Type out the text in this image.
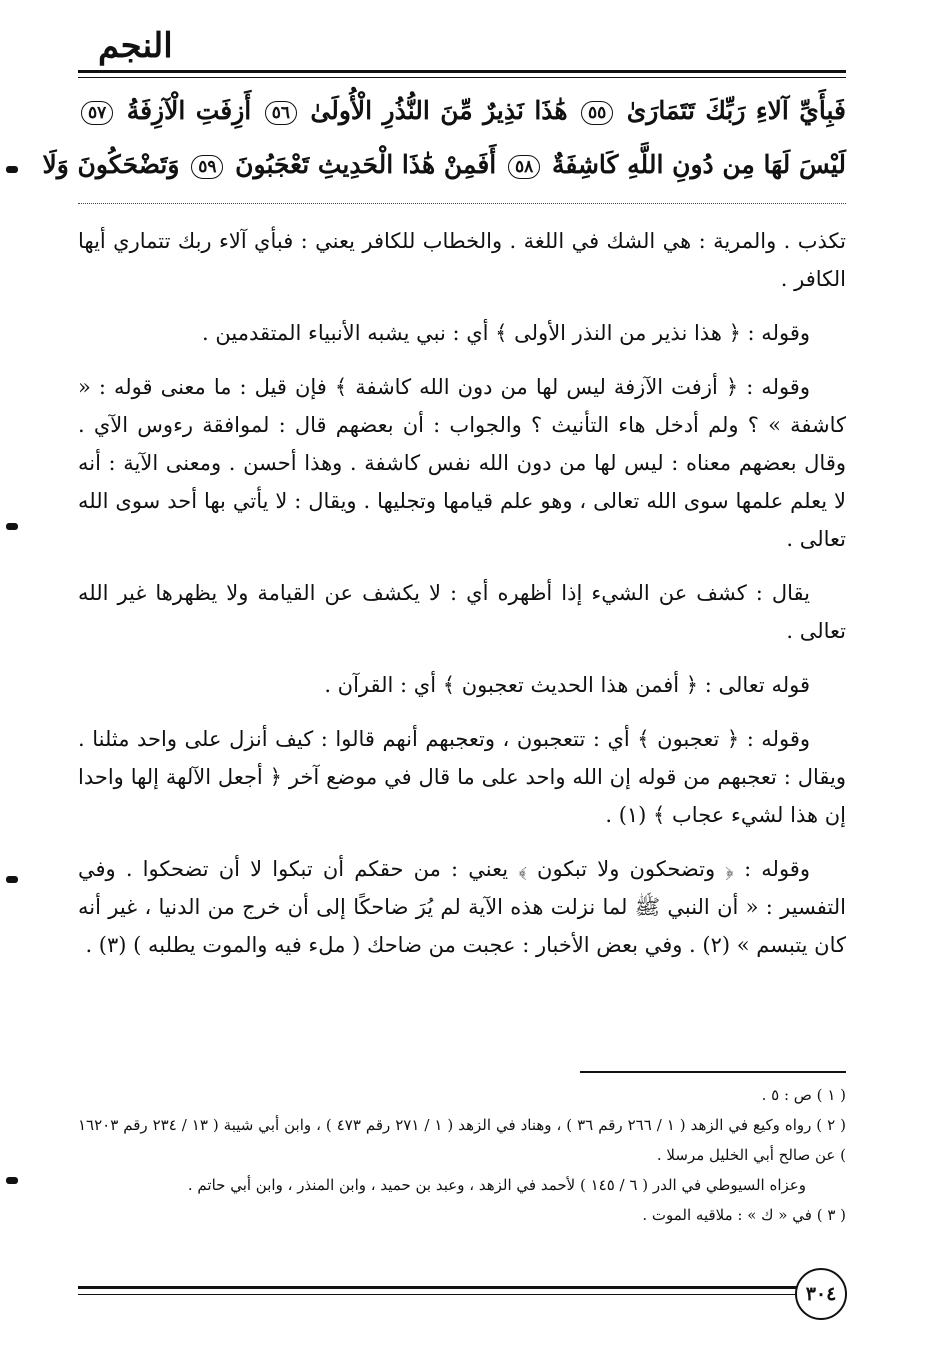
النجم
فَبِأَيِّ آلاءِ رَبِّكَ تَتَمَارَىٰ ٥٥ هَٰذَا نَذِيرٌ مِّنَ النُّذُرِ الْأُولَىٰ ٥٦ أَزِفَتِ الْآزِفَةُ ٥٧
لَيْسَ لَهَا مِن دُونِ اللَّهِ كَاشِفَةٌ ٥٨ أَفَمِنْ هَٰذَا الْحَدِيثِ تَعْجَبُونَ ٥٩ وَتَضْحَكُونَ وَلَا

تكذب . والمرية : هي الشك في اللغة . والخطاب للكافر يعني : فبأي آلاء ربك تتماري أيها الكافر .

وقوله : ﴿ هذا نذير من النذر الأولى ﴾ أي : نبي يشبه الأنبياء المتقدمين .

وقوله : ﴿ أزفت الآزفة ليس لها من دون الله كاشفة ﴾ فإن قيل : ما معنى قوله : « كاشفة » ؟ ولم أدخل هاء التأنيث ؟ والجواب : أن بعضهم قال : لموافقة رءوس الآي . وقال بعضهم معناه : ليس لها من دون الله نفس كاشفة . وهذا أحسن . ومعنى الآية : أنه لا يعلم علمها سوى الله تعالى ، وهو علم قيامها وتجليها . ويقال : لا يأتي بها أحد سوى الله تعالى .

يقال : كشف عن الشيء إذا أظهره أي : لا يكشف عن القيامة ولا يظهرها غير الله تعالى .

قوله تعالى : ﴿ أفمن هذا الحديث تعجبون ﴾ أي : القرآن .

وقوله : ﴿ تعجبون ﴾ أي : تتعجبون ، وتعجبهم أنهم قالوا : كيف أنزل على واحد مثلنا . ويقال : تعجبهم من قوله إن الله واحد على ما قال في موضع آخر ﴿ أجعل الآلهة إلها واحدا إن هذا لشيء عجاب ﴾ (١) .

وقوله : ﴿ وتضحكون ولا تبكون ﴾ يعني : من حقكم أن تبكوا لا أن تضحكوا . وفي التفسير : « أن النبي ﷺ لما نزلت هذه الآية لم يُرَ ضاحكًا إلى أن خرج من الدنيا ، غير أنه كان يتبسم » (٢) . وفي بعض الأخبار : عجبت من ضاحك ( ملء فيه والموت يطلبه ) (٣) .

( ١ ) ص : ٥ .

( ٢ ) رواه وكيع في الزهد ( ١ / ٢٦٦ رقم ٣٦ ) ، وهناد في الزهد ( ١ / ٢٧١ رقم ٤٧٣ ) ، وابن أبي شيبة ( ١٣ / ٢٣٤ رقم ١٦٢٠٣ ) عن صالح أبي الخليل مرسلا .

وعزاه السيوطي في الدر ( ٦ / ١٤٥ ) لأحمد في الزهد ، وعبد بن حميد ، وابن المنذر ، وابن أبي حاتم .

( ٣ ) في « ك » : ملاقيه الموت .

٣٠٤
